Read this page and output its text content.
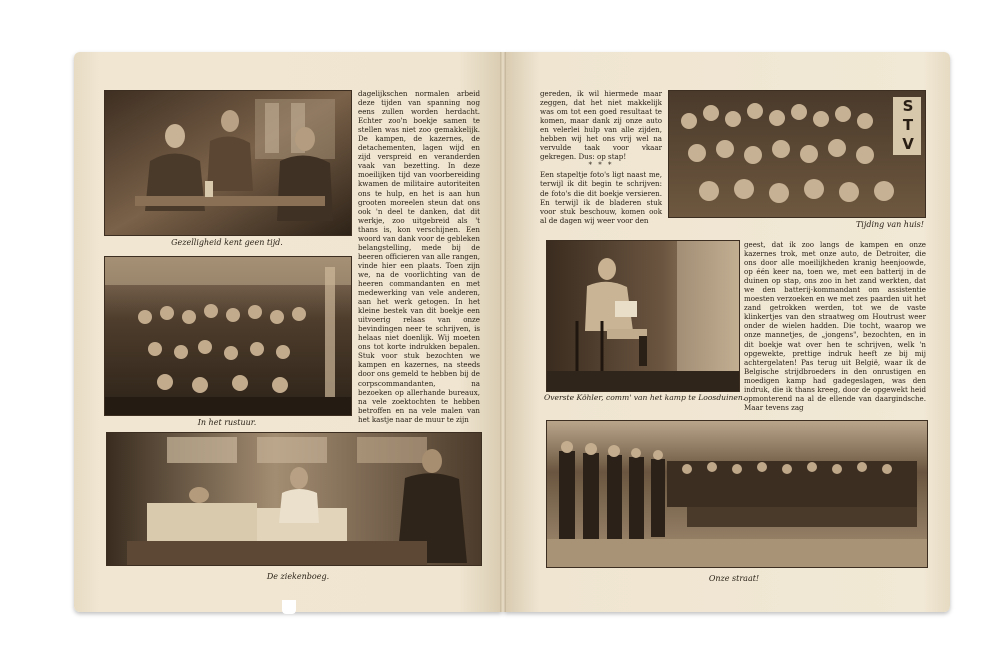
Gezelligheid kent geen tijd.
In het rustuur.
De ziekenboeg.

dagelijkschen normalen arbeid deze tijden van spanning nog eens zullen worden herdacht. Echter zoo'n boekje samen te stellen was niet zoo gemakkelijk. De kampen, de kazernes, de detachementen, lagen wijd en zijd verspreid en veranderden vaak van bezetting. In deze moeilijken tijd van voorbereiding kwamen de militaire autoriteiten ons te hulp, en het is aan hun grooten moreelen steun dat ons ook 'n deel te danken, dat dit werkje, zoo uitgebreid als 't thans is, kon verschijnen. Een woord van dank voor de gebleken belangstelling, mede bij de beeren officieren van alle rangen, vinde hier een plaats. Toen zijn we, na de voorlichting van de heeren commandanten en met medewerking van vele anderen, aan het werk getogen. In het kleine bestek van dit boekje een uitvoerig relaas van onze bevindingen neer te schrijven, is helaas niet doenlijk. Wij moeten ons tot korte indrukken bepalen. Stuk voor stuk bezochten we kampen en kazernes, na steeds door ons gemeld te hebben bij de corpscommandanten, na bezoeken op allerhande bureaux, na vele zoektochten te hebben betroffen en na vele malen van het kastje naar de muur te zijn

gereden, ik wil hiermede maar zeggen, dat het niet makkelijk was om tot een goed resultaat te komen, maar dank zij onze auto en velerlei hulp van alle zijden, hebben wij het ons vrij wel na vervulde taak voor vkaar gekregen. Dus: op stap!

* * *

Een stapeltje foto's ligt naast me, terwijl ik dit begin te schrijven: de foto's die dit boekje versieren. En terwijl ik de bladeren stuk voor stuk beschouw, komen ook al de dagen wij weer voor den

S
T
V
Tijding van huis!
Overste Köhler, comm' van het kamp te Loosduinen.

geest, dat ik zoo langs de kampen en onze kazernes trok, met onze auto, de Detroiter, die ons door alle moeilijkheden kranig heenjoowde, op één keer na, toen we, met een batterij in de duinen op stap, ons zoo in het zand werkten, dat we den batterij-kommandant om assistentie moesten verzoeken en we met zes paarden uit het zand getrokken werden, tot we de vaste klinkertjes van den straatweg om Houtrust weer onder de wielen hadden. Die tocht, waarop we onze mannetjes, de „jongens", bezochten, en in dit boekje wat over hen te schrijven, welk 'n opgewekte, prettige indruk heeft ze bij mij achtergelaten! Pas terug uit België, waar ik de Belgische strijdbroeders in den onrustigen en moedigen kamp had gadegeslagen, was den indruk, die ik thans kreeg, door de opgewekt heid opmonterend na al de ellende van daargindsche. Maar tevens zag

Onze straat!
